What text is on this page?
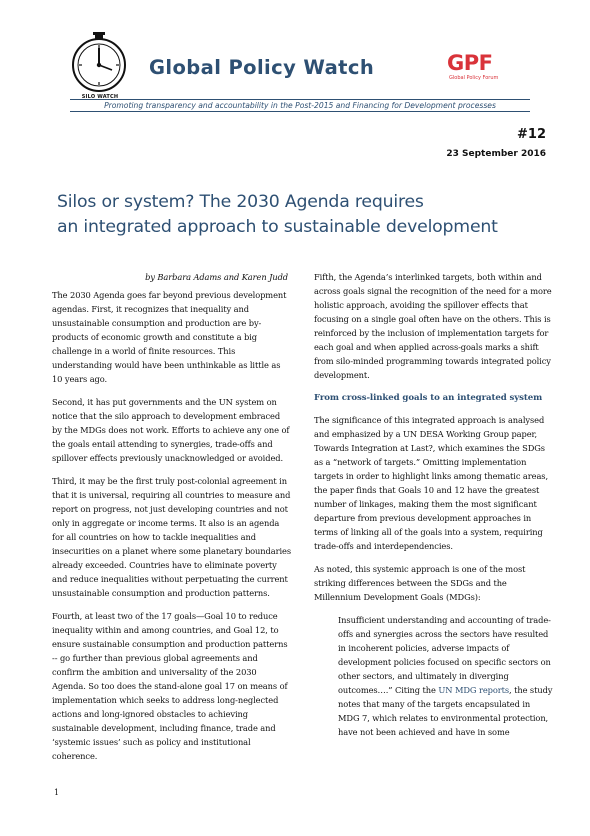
SILO WATCH
Global Policy Watch	GPF
Global Policy Forum
Promoting transparency and accountability in the Post-2015 and Financing for Development processes
#12
23 September 2016
Silos or system? The 2030 Agenda requires
an integrated approach to sustainable development
by Barbara Adams and Karen Judd

The 2030 Agenda goes far beyond previous development agendas. First, it recognizes that inequality and unsustainable consumption and production are by-products of economic growth and constitute a big challenge in a world of finite resources. This understanding would have been unthinkable as little as 10 years ago.

Second, it has put governments and the UN system on notice that the silo approach to development embraced by the MDGs does not work. Efforts to achieve any one of the goals entail attending to synergies, trade-offs and spillover effects previously unacknowledged or avoided.

Third, it may be the first truly post-colonial agreement in that it is universal, requiring all countries to measure and report on progress, not just developing countries and not only in aggregate or income terms. It also is an agenda for all countries on how to tackle inequalities and insecurities on a planet where some planetary boundaries already exceeded. Countries have to eliminate poverty and reduce inequalities without perpetuating the current unsustainable consumption and production patterns.

Fourth, at least two of the 17 goals—Goal 10 to reduce inequality within and among countries, and Goal 12, to ensure sustainable consumption and production patterns -- go further than previous global agreements and confirm the ambition and universality of the 2030 Agenda. So too does the stand-alone goal 17 on means of implementation which seeks to address long-neglected actions and long-ignored obstacles to achieving sustainable development, including finance, trade and ‘systemic issues’ such as policy and institutional coherence.

Fifth, the Agenda’s interlinked targets, both within and across goals signal the recognition of the need for a more holistic approach, avoiding the spillover effects that focusing on a single goal often have on the others. This is reinforced by the inclusion of implementation targets for each goal and when applied across-goals marks a shift from silo-minded programming towards integrated policy development.

From cross-linked goals to an integrated system

The significance of this integrated approach is analysed and emphasized by a UN DESA Working Group paper, Towards Integration at Last?, which examines the SDGs as a “network of targets.” Omitting implementation targets in order to highlight links among thematic areas, the paper finds that Goals 10 and 12 have the greatest number of linkages, making them the most significant departure from previous development approaches in terms of linking all of the goals into a system, requiring trade-offs and interdependencies.

As noted, this systemic approach is one of the most striking differences between the SDGs and the Millennium Development Goals (MDGs):

Insufficient understanding and accounting of trade-offs and synergies across the sectors have resulted in incoherent policies, adverse impacts of development policies focused on specific sectors on other sectors, and ultimately in diverging outcomes….” Citing the UN MDG reports, the study notes that many of the targets encapsulated in MDG 7, which relates to environmental protection, have not been achieved and have in some

1
